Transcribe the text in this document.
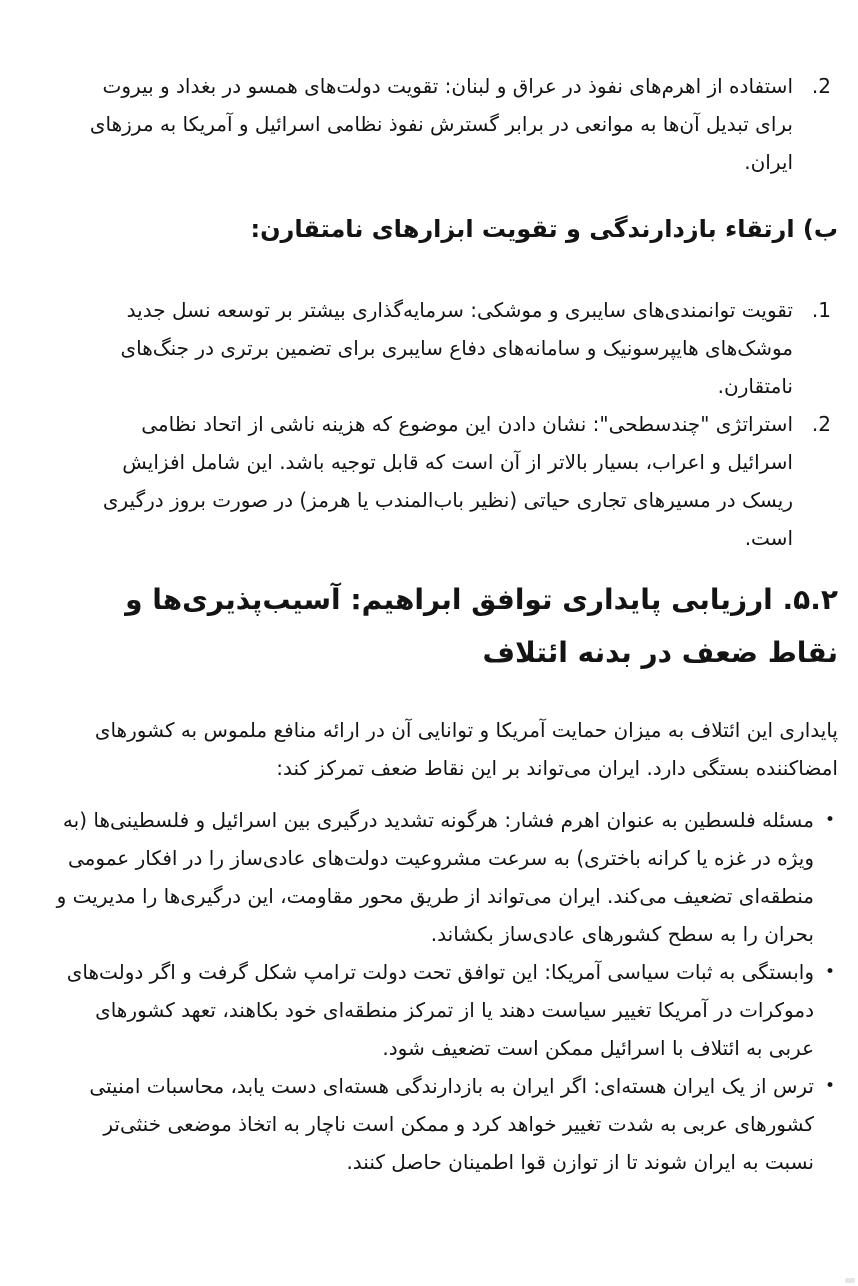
2.
استفاده از اهرم‌های نفوذ در عراق و لبنان: تقویت دولت‌های همسو در بغداد و بیروت برای تبدیل آن‌ها به موانعی در برابر گسترش نفوذ نظامی اسرائیل و آمریکا به مرزهای ایران.
ب) ارتقاء بازدارندگی و تقویت ابزارهای نامتقارن:
1.
تقویت توانمندی‌های سایبری و موشکی: سرمایه‌گذاری بیشتر بر توسعه نسل جدید موشک‌های هایپرسونیک و سامانه‌های دفاع سایبری برای تضمین برتری در جنگ‌های نامتقارن.
2.
استراتژی "چندسطحی": نشان دادن این موضوع که هزینه ناشی از اتحاد نظامی اسرائیل و اعراب، بسیار بالاتر از آن است که قابل توجیه باشد. این شامل افزایش ریسک در مسیرهای تجاری حیاتی (نظیر باب‌المندب یا هرمز) در صورت بروز درگیری است.
۵.۲. ارزیابی پایداری توافق ابراهیم: آسیب‌پذیری‌ها و نقاط ضعف در بدنه ائتلاف

پایداری این ائتلاف به میزان حمایت آمریکا و توانایی آن در ارائه منافع ملموس به کشورهای امضاکننده بستگی دارد. ایران می‌تواند بر این نقاط ضعف تمرکز کند:

•
مسئله فلسطین به عنوان اهرم فشار: هرگونه تشدید درگیری بین اسرائیل و فلسطینی‌ها (به ویژه در غزه یا کرانه باختری) به سرعت مشروعیت دولت‌های عادی‌ساز را در افکار عمومی منطقه‌ای تضعیف می‌کند. ایران می‌تواند از طریق محور مقاومت، این درگیری‌ها را مدیریت و بحران را به سطح کشورهای عادی‌ساز بکشاند.
•
وابستگی به ثبات سیاسی آمریکا: این توافق تحت دولت ترامپ شکل گرفت و اگر دولت‌های دموکرات در آمریکا تغییر سیاست دهند یا از تمرکز منطقه‌ای خود بکاهند، تعهد کشورهای عربی به ائتلاف با اسرائیل ممکن است تضعیف شود.
•
ترس از یک ایران هسته‌ای: اگر ایران به بازدارندگی هسته‌ای دست یابد، محاسبات امنیتی کشورهای عربی به شدت تغییر خواهد کرد و ممکن است ناچار به اتخاذ موضعی خنثی‌تر نسبت به ایران شوند تا از توازن قوا اطمینان حاصل کنند.
